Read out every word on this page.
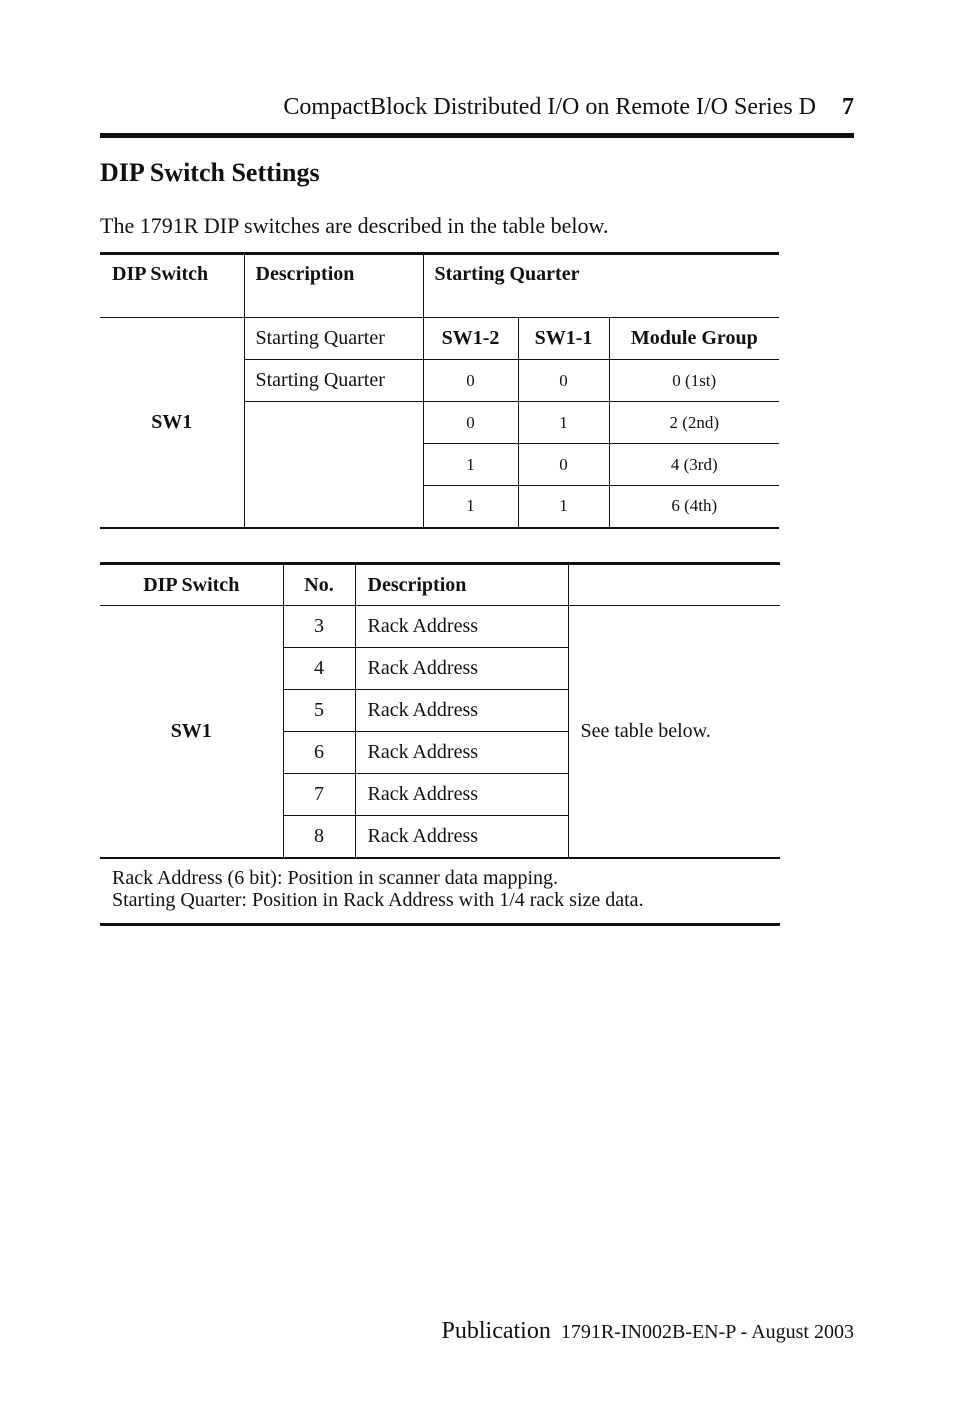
CompactBlock Distributed I/O on Remote I/O Series D 7
DIP Switch Settings
The 1791R DIP switches are described in the table below.
DIP Switch	Description	Starting Quarter		
SW1	Starting Quarter	SW1-2	SW1-1	Module Group
	Starting Quarter	0	0	0 (1st)
		0	1	2 (2nd)
		1	0	4 (3rd)
		1	1	6 (4th)
DIP Switch	No.	Description	
SW1	3	Rack Address	See table below.
	4	Rack Address	
	5	Rack Address	
	6	Rack Address	
	7	Rack Address	
	8	Rack Address	

Rack Address (6 bit): Position in scanner data mapping.
Starting Quarter: Position in Rack Address with 1/4 rack size data.			
Publication 1791R-IN002B-EN-P - August 2003
